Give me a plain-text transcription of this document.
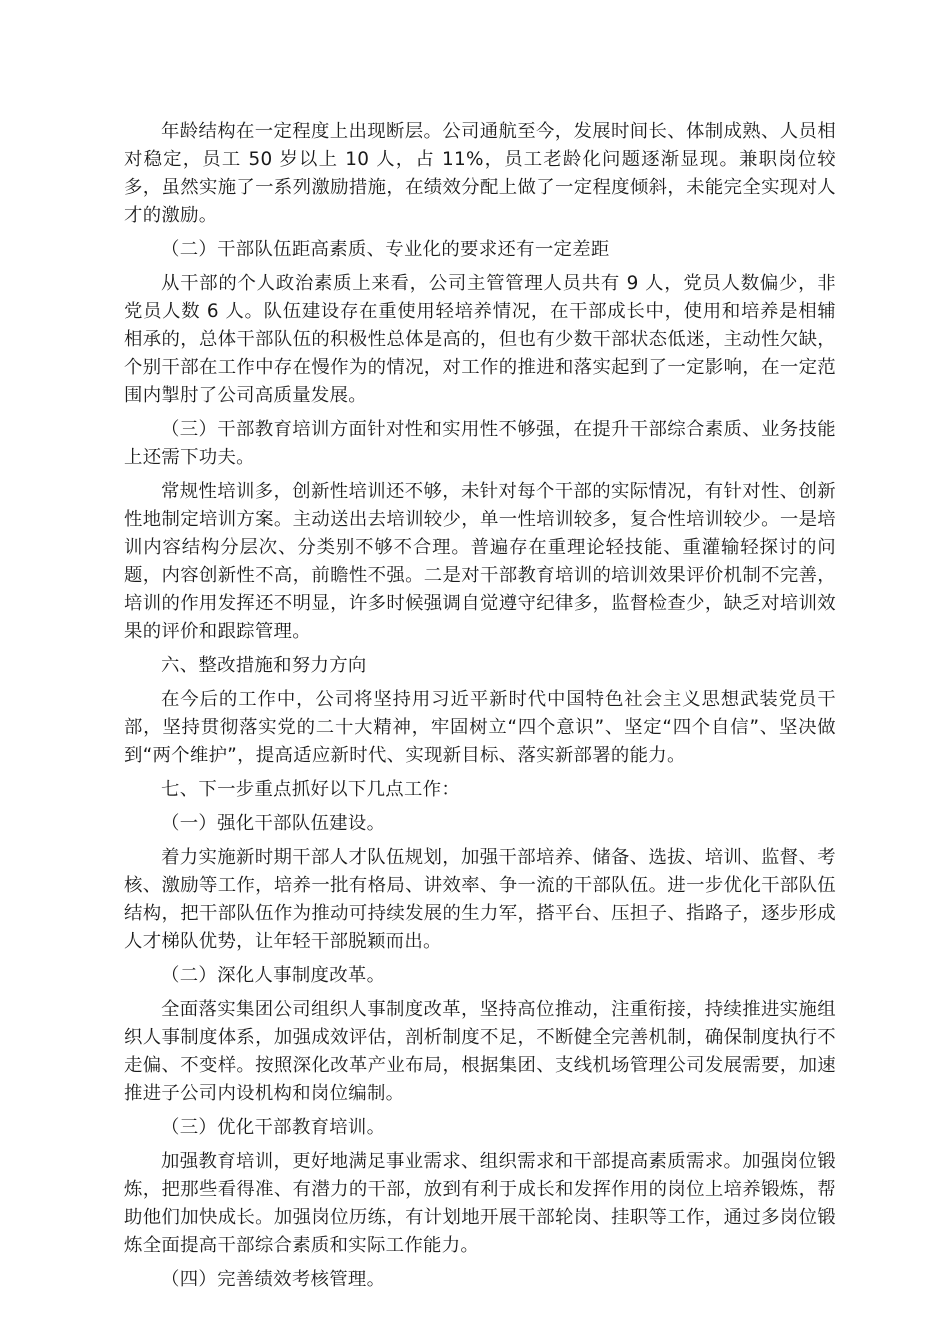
年龄结构在一定程度上出现断层。公司通航至今，发展时间长、体制成熟、人员相对稳定，员工 50 岁以上 10 人，占 11%，员工老龄化问题逐渐显现。兼职岗位较多，虽然实施了一系列激励措施，在绩效分配上做了一定程度倾斜，未能完全实现对人才的激励。

（二）干部队伍距高素质、专业化的要求还有一定差距

从干部的个人政治素质上来看，公司主管管理人员共有 9 人，党员人数偏少，非党员人数 6 人。队伍建设存在重使用轻培养情况，在干部成长中，使用和培养是相辅相承的，总体干部队伍的积极性总体是高的，但也有少数干部状态低迷，主动性欠缺，个别干部在工作中存在慢作为的情况，对工作的推进和落实起到了一定影响，在一定范围内掣肘了公司高质量发展。

（三）干部教育培训方面针对性和实用性不够强，在提升干部综合素质、业务技能上还需下功夫。

常规性培训多，创新性培训还不够，未针对每个干部的实际情况，有针对性、创新性地制定培训方案。主动送出去培训较少，单一性培训较多，复合性培训较少。一是培训内容结构分层次、分类别不够不合理。普遍存在重理论轻技能、重灌输轻探讨的问题，内容创新性不高，前瞻性不强。二是对干部教育培训的培训效果评价机制不完善，培训的作用发挥还不明显，许多时候强调自觉遵守纪律多，监督检查少，缺乏对培训效果的评价和跟踪管理。

六、整改措施和努力方向

在今后的工作中，公司将坚持用习近平新时代中国特色社会主义思想武装党员干部，坚持贯彻落实党的二十大精神，牢固树立“四个意识”、坚定“四个自信”、坚决做到“两个维护”，提高适应新时代、实现新目标、落实新部署的能力。

七、下一步重点抓好以下几点工作：

（一）强化干部队伍建设。

着力实施新时期干部人才队伍规划，加强干部培养、储备、选拔、培训、监督、考核、激励等工作，培养一批有格局、讲效率、争一流的干部队伍。进一步优化干部队伍结构，把干部队伍作为推动可持续发展的生力军，搭平台、压担子、指路子，逐步形成人才梯队优势，让年轻干部脱颖而出。

（二）深化人事制度改革。

全面落实集团公司组织人事制度改革，坚持高位推动，注重衔接，持续推进实施组织人事制度体系，加强成效评估，剖析制度不足，不断健全完善机制，确保制度执行不走偏、不变样。按照深化改革产业布局，根据集团、支线机场管理公司发展需要，加速推进子公司内设机构和岗位编制。

（三）优化干部教育培训。

加强教育培训，更好地满足事业需求、组织需求和干部提高素质需求。加强岗位锻炼，把那些看得准、有潜力的干部，放到有利于成长和发挥作用的岗位上培养锻炼，帮助他们加快成长。加强岗位历练，有计划地开展干部轮岗、挂职等工作，通过多岗位锻炼全面提高干部综合素质和实际工作能力。

（四）完善绩效考核管理。
